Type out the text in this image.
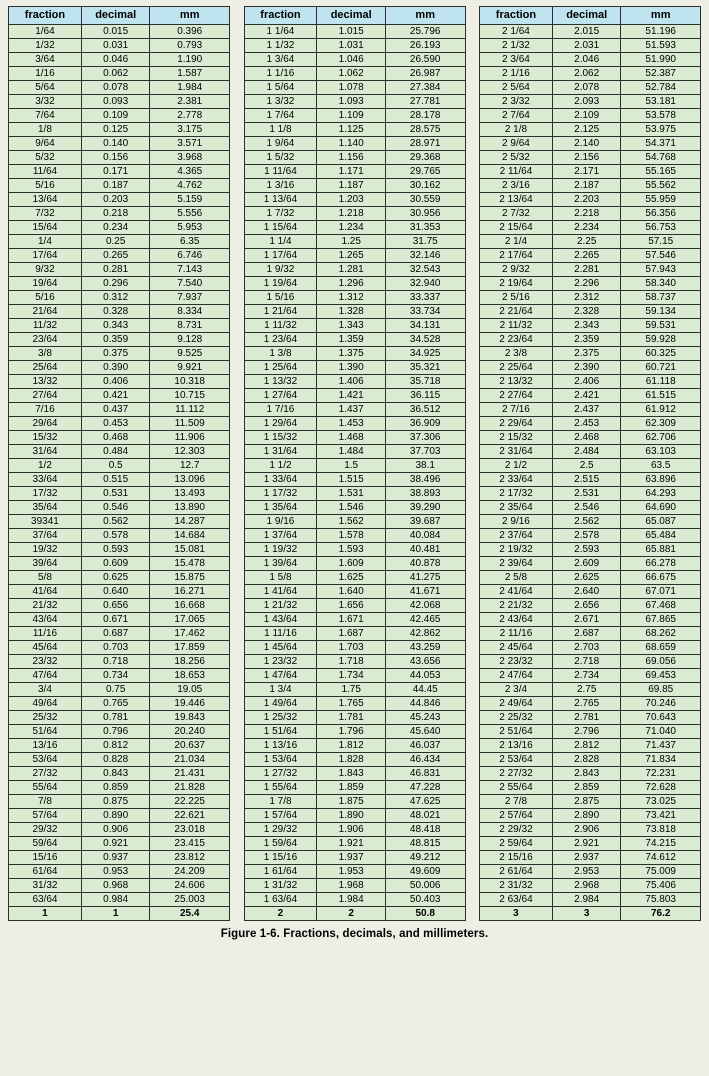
fraction	decimal	mm
1/64	0.015	0.396
1/32	0.031	0.793
3/64	0.046	1.190
1/16	0.062	1.587
5/64	0.078	1.984
3/32	0.093	2.381
7/64	0.109	2.778
1/8	0.125	3.175
9/64	0.140	3.571
5/32	0.156	3.968
11/64	0.171	4.365
5/16	0.187	4.762
13/64	0.203	5.159
7/32	0.218	5.556
15/64	0.234	5.953
1/4	0.25	6.35
17/64	0.265	6.746
9/32	0.281	7.143
19/64	0.296	7.540
5/16	0.312	7.937
21/64	0.328	8.334
11/32	0.343	8.731
23/64	0.359	9.128
3/8	0.375	9.525
25/64	0.390	9.921
13/32	0.406	10.318
27/64	0.421	10.715
7/16	0.437	11.112
29/64	0.453	11.509
15/32	0.468	11.906
31/64	0.484	12.303
1/2	0.5	12.7
33/64	0.515	13.096
17/32	0.531	13.493
35/64	0.546	13.890
39341	0.562	14.287
37/64	0.578	14.684
19/32	0.593	15.081
39/64	0.609	15.478
5/8	0.625	15.875
41/64	0.640	16.271
21/32	0.656	16.668
43/64	0.671	17.065
11/16	0.687	17.462
45/64	0.703	17.859
23/32	0.718	18.256
47/64	0.734	18.653
3/4	0.75	19.05
49/64	0.765	19.446
25/32	0.781	19.843
51/64	0.796	20.240
13/16	0.812	20.637
53/64	0.828	21.034
27/32	0.843	21.431
55/64	0.859	21.828
7/8	0.875	22.225
57/64	0.890	22.621
29/32	0.906	23.018
59/64	0.921	23.415
15/16	0.937	23.812
61/64	0.953	24.209
31/32	0.968	24.606
63/64	0.984	25.003
1	1	25.4
fraction	decimal	mm
1 1/64	1.015	25.796
1 1/32	1.031	26.193
1 3/64	1.046	26.590
1 1/16	1.062	26.987
1 5/64	1.078	27.384
1 3/32	1.093	27.781
1 7/64	1.109	28.178
1 1/8	1.125	28.575
1 9/64	1.140	28.971
1 5/32	1.156	29.368
1 11/64	1.171	29.765
1 3/16	1.187	30.162
1 13/64	1.203	30.559
1 7/32	1.218	30.956
1 15/64	1.234	31.353
1 1/4	1.25	31.75
1 17/64	1.265	32.146
1 9/32	1.281	32.543
1 19/64	1.296	32.940
1 5/16	1.312	33.337
1 21/64	1.328	33.734
1 11/32	1.343	34.131
1 23/64	1.359	34.528
1 3/8	1.375	34.925
1 25/64	1.390	35.321
1 13/32	1.406	35.718
1 27/64	1.421	36.115
1 7/16	1.437	36.512
1 29/64	1.453	36.909
1 15/32	1.468	37.306
1 31/64	1.484	37.703
1 1/2	1.5	38.1
1 33/64	1.515	38.496
1 17/32	1.531	38.893
1 35/64	1.546	39.290
1 9/16	1.562	39.687
1 37/64	1.578	40.084
1 19/32	1.593	40.481
1 39/64	1.609	40.878
1 5/8	1.625	41.275
1 41/64	1.640	41.671
1 21/32	1.656	42.068
1 43/64	1.671	42.465
1 11/16	1.687	42.862
1 45/64	1.703	43.259
1 23/32	1.718	43.656
1 47/64	1.734	44.053
1 3/4	1.75	44.45
1 49/64	1.765	44.846
1 25/32	1.781	45.243
1 51/64	1.796	45.640
1 13/16	1.812	46.037
1 53/64	1.828	46.434
1 27/32	1.843	46.831
1 55/64	1.859	47.228
1 7/8	1.875	47.625
1 57/64	1.890	48.021
1 29/32	1.906	48.418
1 59/64	1.921	48.815
1 15/16	1.937	49.212
1 61/64	1.953	49.609
1 31/32	1.968	50.006
1 63/64	1.984	50.403
2	2	50.8
fraction	decimal	mm
2 1/64	2.015	51.196
2 1/32	2.031	51.593
2 3/64	2.046	51.990
2 1/16	2.062	52.387
2 5/64	2.078	52.784
2 3/32	2.093	53.181
2 7/64	2.109	53.578
2 1/8	2.125	53.975
2 9/64	2.140	54.371
2 5/32	2.156	54.768
2 11/64	2.171	55.165
2 3/16	2.187	55.562
2 13/64	2.203	55.959
2 7/32	2.218	56.356
2 15/64	2.234	56.753
2 1/4	2.25	57.15
2 17/64	2.265	57.546
2 9/32	2.281	57.943
2 19/64	2.296	58.340
2 5/16	2.312	58.737
2 21/64	2.328	59.134
2 11/32	2.343	59.531
2 23/64	2.359	59.928
2 3/8	2.375	60.325
2 25/64	2.390	60.721
2 13/32	2.406	61.118
2 27/64	2.421	61.515
2 7/16	2.437	61.912
2 29/64	2.453	62.309
2 15/32	2.468	62.706
2 31/64	2.484	63.103
2 1/2	2.5	63.5
2 33/64	2.515	63.896
2 17/32	2.531	64.293
2 35/64	2.546	64.690
2 9/16	2.562	65.087
2 37/64	2.578	65.484
2 19/32	2.593	65.881
2 39/64	2.609	66.278
2 5/8	2.625	66.675
2 41/64	2.640	67.071
2 21/32	2.656	67.468
2 43/64	2.671	67.865
2 11/16	2.687	68.262
2 45/64	2.703	68.659
2 23/32	2.718	69.056
2 47/64	2.734	69.453
2 3/4	2.75	69.85
2 49/64	2.765	70.246
2 25/32	2.781	70.643
2 51/64	2.796	71.040
2 13/16	2.812	71.437
2 53/64	2.828	71.834
2 27/32	2.843	72.231
2 55/64	2.859	72.628
2 7/8	2.875	73.025
2 57/64	2.890	73.421
2 29/32	2.906	73.818
2 59/64	2.921	74.215
2 15/16	2.937	74.612
2 61/64	2.953	75.009
2 31/32	2.968	75.406
2 63/64	2.984	75.803
3	3	76.2
Figure 1-6. Fractions, decimals, and millimeters.
